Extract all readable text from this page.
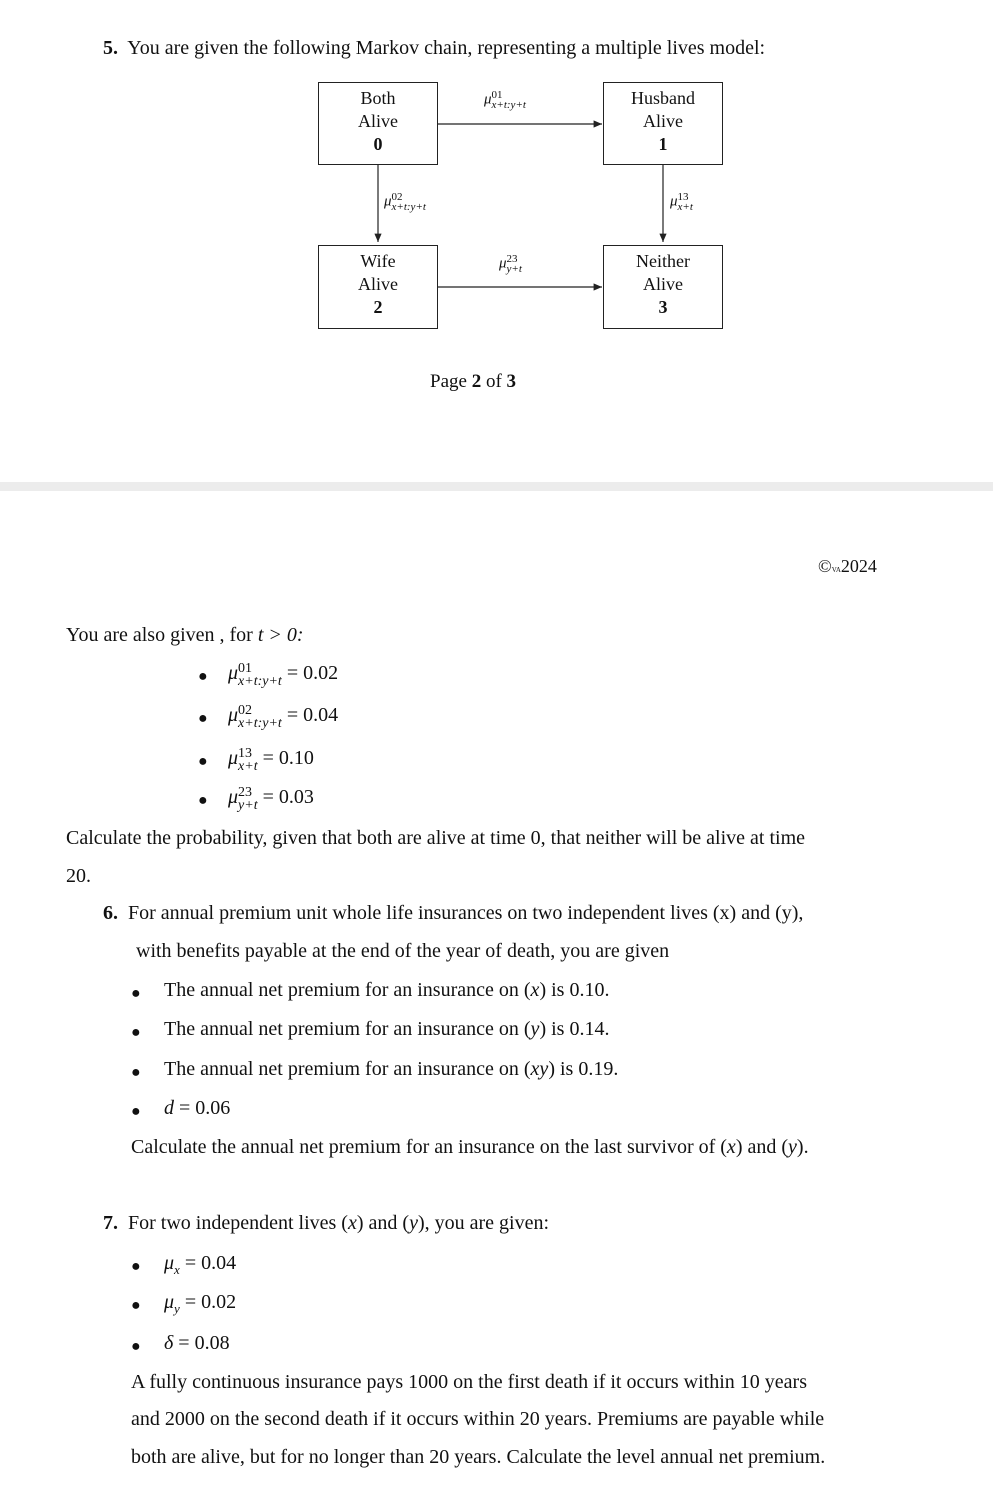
5. You are given the following Markov chain, representing a multiple lives model:
Both
Alive
0
Husband
Alive
1
Wife
Alive
2
Neither
Alive
3
μ 01
x+t:y+t
μ 02
x+t:y+t	μ 13
x+t
μ 23
y+t
Page 2 of 3
©VA2024
You are also given , for t > 0:
● μ 01
x+t:y+t = 0.02
● μ 02
x+t:y+t = 0.04
● μ 13
x+t = 0.10
● μ 23
y+t = 0.03
Calculate the probability, given that both are alive at time 0, that neither will be alive at time
20.
6. For annual premium unit whole life insurances on two independent lives (x) and (y),
with benefits payable at the end of the year of death, you are given
● The annual net premium for an insurance on (x) is 0.10.
● The annual net premium for an insurance on (y) is 0.14.
● The annual net premium for an insurance on (xy) is 0.19.
● d = 0.06
Calculate the annual net premium for an insurance on the last survivor of (x) and (y).
7. For two independent lives (x) and (y), you are given:
● $\mu_x = 0.04$
● $\mu_y = 0.02$
● δ = 0.08
A fully continuous insurance pays 1000 on the first death if it occurs within 10 years
and 2000 on the second death if it occurs within 20 years. Premiums are payable while
both are alive, but for no longer than 20 years. Calculate the level annual net premium.
